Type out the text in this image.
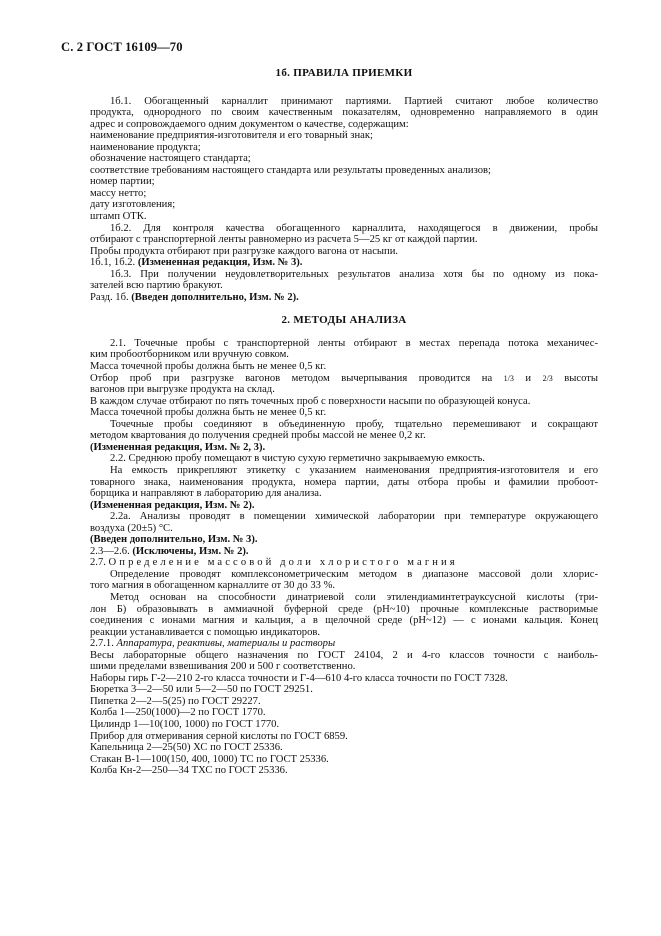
С. 2 ГОСТ 16109—70

1б. ПРАВИЛА ПРИЕМКИ

1б.1. Обогащенный карналлит принимают партиями. Партией считают любое количество

продукта, однородного по своим качественным показателям, одновременно направляемого в один

адрес и сопровождаемого одним документом о качестве, содержащим:

наименование предприятия-изготовителя и его товарный знак;

наименование продукта;

обозначение настоящего стандарта;

соответствие требованиям настоящего стандарта или результаты проведенных анализов;

номер партии;

массу нетто;

дату изготовления;

штамп ОТК.

1б.2. Для контроля качества обогащенного карналлита, находящегося в движении, пробы

отбирают с транспортерной ленты равномерно из расчета 5—25 кг от каждой партии.

Пробы продукта отбирают при разгрузке каждого вагона от насыпи.

1б.1, 1б.2. (Измененная редакция, Изм. № 3).

1б.3. При получении неудовлетворительных результатов анализа хотя бы по одному из пока-

зателей всю партию бракуют.

Разд. 1б. (Введен дополнительно, Изм. № 2).

2. МЕТОДЫ АНАЛИЗА

2.1. Точечные пробы с транспортерной ленты отбирают в местах перепада потока механичес-

ким пробоотборником или вручную совком.

Масса точечной пробы должна быть не менее 0,5 кг.

Отбор проб при разгрузке вагонов методом вычерпывания проводится на 1/3 и 2/3 высоты

вагонов при выгрузке продукта на склад.

В каждом случае отбирают по пять точечных проб с поверхности насыпи по образующей конуса.

Масса точечной пробы должна быть не менее 0,5 кг.

Точечные пробы соединяют в объединенную пробу, тщательно перемешивают и сокращают

методом квартования до получения средней пробы массой не менее 0,2 кг.

(Измененная редакция, Изм. № 2, 3).

2.2. Среднюю пробу помещают в чистую сухую герметично закрываемую емкость.

На емкость прикрепляют этикетку с указанием наименования предприятия-изготовителя и его

товарного знака, наименования продукта, номера партии, даты отбора пробы и фамилии пробоот-

борщика и направляют в лабораторию для анализа.

(Измененная редакция, Изм. № 2).

2.2а. Анализы проводят в помещении химической лаборатории при температуре окружающего

воздуха (20±5) °С.

(Введен дополнительно, Изм. № 3).

2.3—2.6. (Исключены, Изм. № 2).

2.7. Определение массовой доли хлористого магния

Определение проводят комплексонометрическим методом в диапазоне массовой доли хлорис-

того магния в обогащенном карналлите от 30 до 33 %.

Метод основан на способности динатриевой соли этилендиаминтетрауксусной кислоты (три-

лон Б) образовывать в аммиачной буферной среде (рН~10) прочные комплексные растворимые

соединения с ионами магния и кальция, а в щелочной среде (рН~12) — с ионами кальция. Конец

реакции устанавливается с помощью индикаторов.

2.7.1. Аппаратура, реактивы, материалы и растворы

Весы лабораторные общего назначения по ГОСТ 24104, 2 и 4-го классов точности с наиболь-

шими пределами взвешивания 200 и 500 г соответственно.

Наборы гирь Г-2—210 2-го класса точности и Г-4—610 4-го класса точности по ГОСТ 7328.

Бюретка 3—2—50 или 5—2—50 по ГОСТ 29251.

Пипетка 2—2—5(25) по ГОСТ 29227.

Колба 1—250(1000)—2 по ГОСТ 1770.

Цилиндр 1—10(100, 1000) по ГОСТ 1770.

Прибор для отмеривания серной кислоты по ГОСТ 6859.

Капельница 2—25(50) ХС по ГОСТ 25336.

Стакан В-1—100(150, 400, 1000) ТС по ГОСТ 25336.

Колба Кн-2—250—34 ТХС по ГОСТ 25336.
